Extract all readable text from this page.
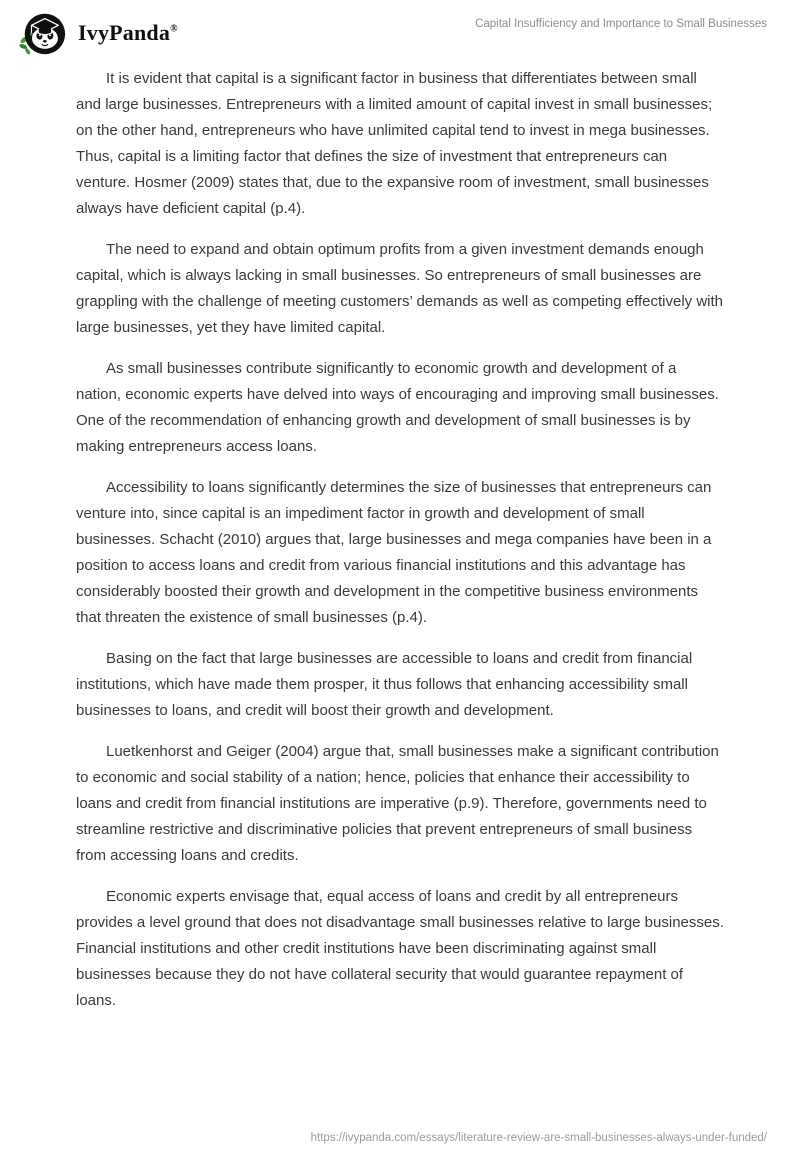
IvyPanda®	Capital Insufficiency and Importance to Small Businesses

It is evident that capital is a significant factor in business that differentiates between small and large businesses. Entrepreneurs with a limited amount of capital invest in small businesses; on the other hand, entrepreneurs who have unlimited capital tend to invest in mega businesses. Thus, capital is a limiting factor that defines the size of investment that entrepreneurs can venture. Hosmer (2009) states that, due to the expansive room of investment, small businesses always have deficient capital (p.4).

The need to expand and obtain optimum profits from a given investment demands enough capital, which is always lacking in small businesses. So entrepreneurs of small businesses are grappling with the challenge of meeting customers’ demands as well as competing effectively with large businesses, yet they have limited capital.

As small businesses contribute significantly to economic growth and development of a nation, economic experts have delved into ways of encouraging and improving small businesses. One of the recommendation of enhancing growth and development of small businesses is by making entrepreneurs access loans.

Accessibility to loans significantly determines the size of businesses that entrepreneurs can venture into, since capital is an impediment factor in growth and development of small businesses. Schacht (2010) argues that, large businesses and mega companies have been in a position to access loans and credit from various financial institutions and this advantage has considerably boosted their growth and development in the competitive business environments that threaten the existence of small businesses (p.4).

Basing on the fact that large businesses are accessible to loans and credit from financial institutions, which have made them prosper, it thus follows that enhancing accessibility small businesses to loans, and credit will boost their growth and development.

Luetkenhorst and Geiger (2004) argue that, small businesses make a significant contribution to economic and social stability of a nation; hence, policies that enhance their accessibility to loans and credit from financial institutions are imperative (p.9). Therefore, governments need to streamline restrictive and discriminative policies that prevent entrepreneurs of small business from accessing loans and credits.

Economic experts envisage that, equal access of loans and credit by all entrepreneurs provides a level ground that does not disadvantage small businesses relative to large businesses. Financial institutions and other credit institutions have been discriminating against small businesses because they do not have collateral security that would guarantee repayment of loans.

https://ivypanda.com/essays/literature-review-are-small-businesses-always-under-funded/
